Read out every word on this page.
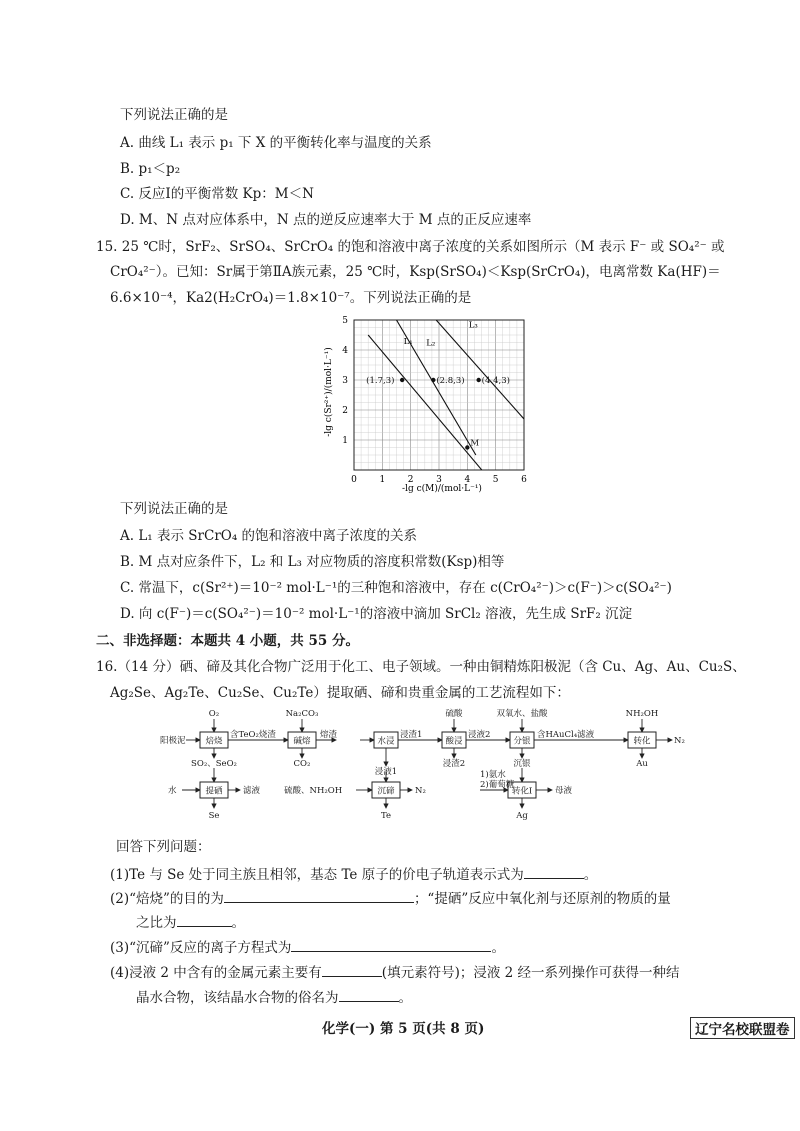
下列说法正确的是
A. 曲线 L₁ 表示 p₁ 下 X 的平衡转化率与温度的关系
B. p₁＜p₂
C. 反应Ⅰ的平衡常数 Kp：M＜N
D. M、N 点对应体系中，N 点的逆反应速率大于 M 点的正反应速率
15. 25 ℃时，SrF₂、SrSO₄、SrCrO₄ 的饱和溶液中离子浓度的关系如图所示（M 表示 F⁻ 或 SO₄²⁻ 或
CrO₄²⁻）。已知：Sr属于第ⅡA族元素，25 ℃时，Ksp(SrSO₄)＜Ksp(SrCrO₄)，电离常数 Ka(HF)＝
6.6×10⁻⁴，Ka2(H₂CrO₄)＝1.8×10⁻⁷。下列说法正确的是
L₁ L₂
L₃
(1.7,3)	(2.8,3) (4.4,3)
M
0	1	2	3	4	5	6
1
2
3
4
5
-lg c(M)/(mol·L⁻¹)
-lg c(Sr²⁺)/(mol·L⁻¹)
下列说法正确的是
A. L₁ 表示 SrCrO₄ 的饱和溶液中离子浓度的关系
B. M 点对应条件下，L₂ 和 L₃ 对应物质的溶度积常数(Ksp)相等
C. 常温下，c(Sr²⁺)＝10⁻² mol·L⁻¹的三种饱和溶液中，存在 c(CrO₄²⁻)＞c(F⁻)＞c(SO₄²⁻)
D. 向 c(F⁻)＝c(SO₄²⁻)＝10⁻² mol·L⁻¹的溶液中滴加 SrCl₂ 溶液，先生成 SrF₂ 沉淀
二、非选择题：本题共 4 小题，共 55 分。
16.（14 分）硒、碲及其化合物广泛用于化工、电子领域。一种由铜精炼阳极泥（含 Cu、Ag、Au、Cu₂S、
Ag₂Se、Ag₂Te、Cu₂Se、Cu₂Te）提取硒、碲和贵重金属的工艺流程如下：
阳极泥 焙烧	碱熔	水浸	酸浸	分银	转化
提硒	沉碲	转化Ⅰ
含TeO₂烧渣	熔渣	浸渣1	浸液2	含HAuCl₄滤液
N₂
O₂	Na₂CO₃	硫酸	双氧水、盐酸	NH₂OH
SO₂、SeO₂	CO₂
浸液1
浸渣2	沉银	Au
滤液
Se	Te
N₂	母液
Ag
水	硫酸、NH₂OH
1)氨水
2)葡萄糖
回答下列问题：
(1)Te 与 Se 处于同主族且相邻，基态 Te 原子的价电子轨道表示式为	。
(2)“焙烧”的目的为	；“提硒”反应中氧化剂与还原剂的物质的量
之比为	。
(3)“沉碲”反应的离子方程式为	。
(4)浸液 2 中含有的金属元素主要有	(填元素符号)；浸液 2 经一系列操作可获得一种结
晶水合物，该结晶水合物的俗名为	。
化学(一) 第 5 页(共 8 页)	辽宁名校联盟卷
